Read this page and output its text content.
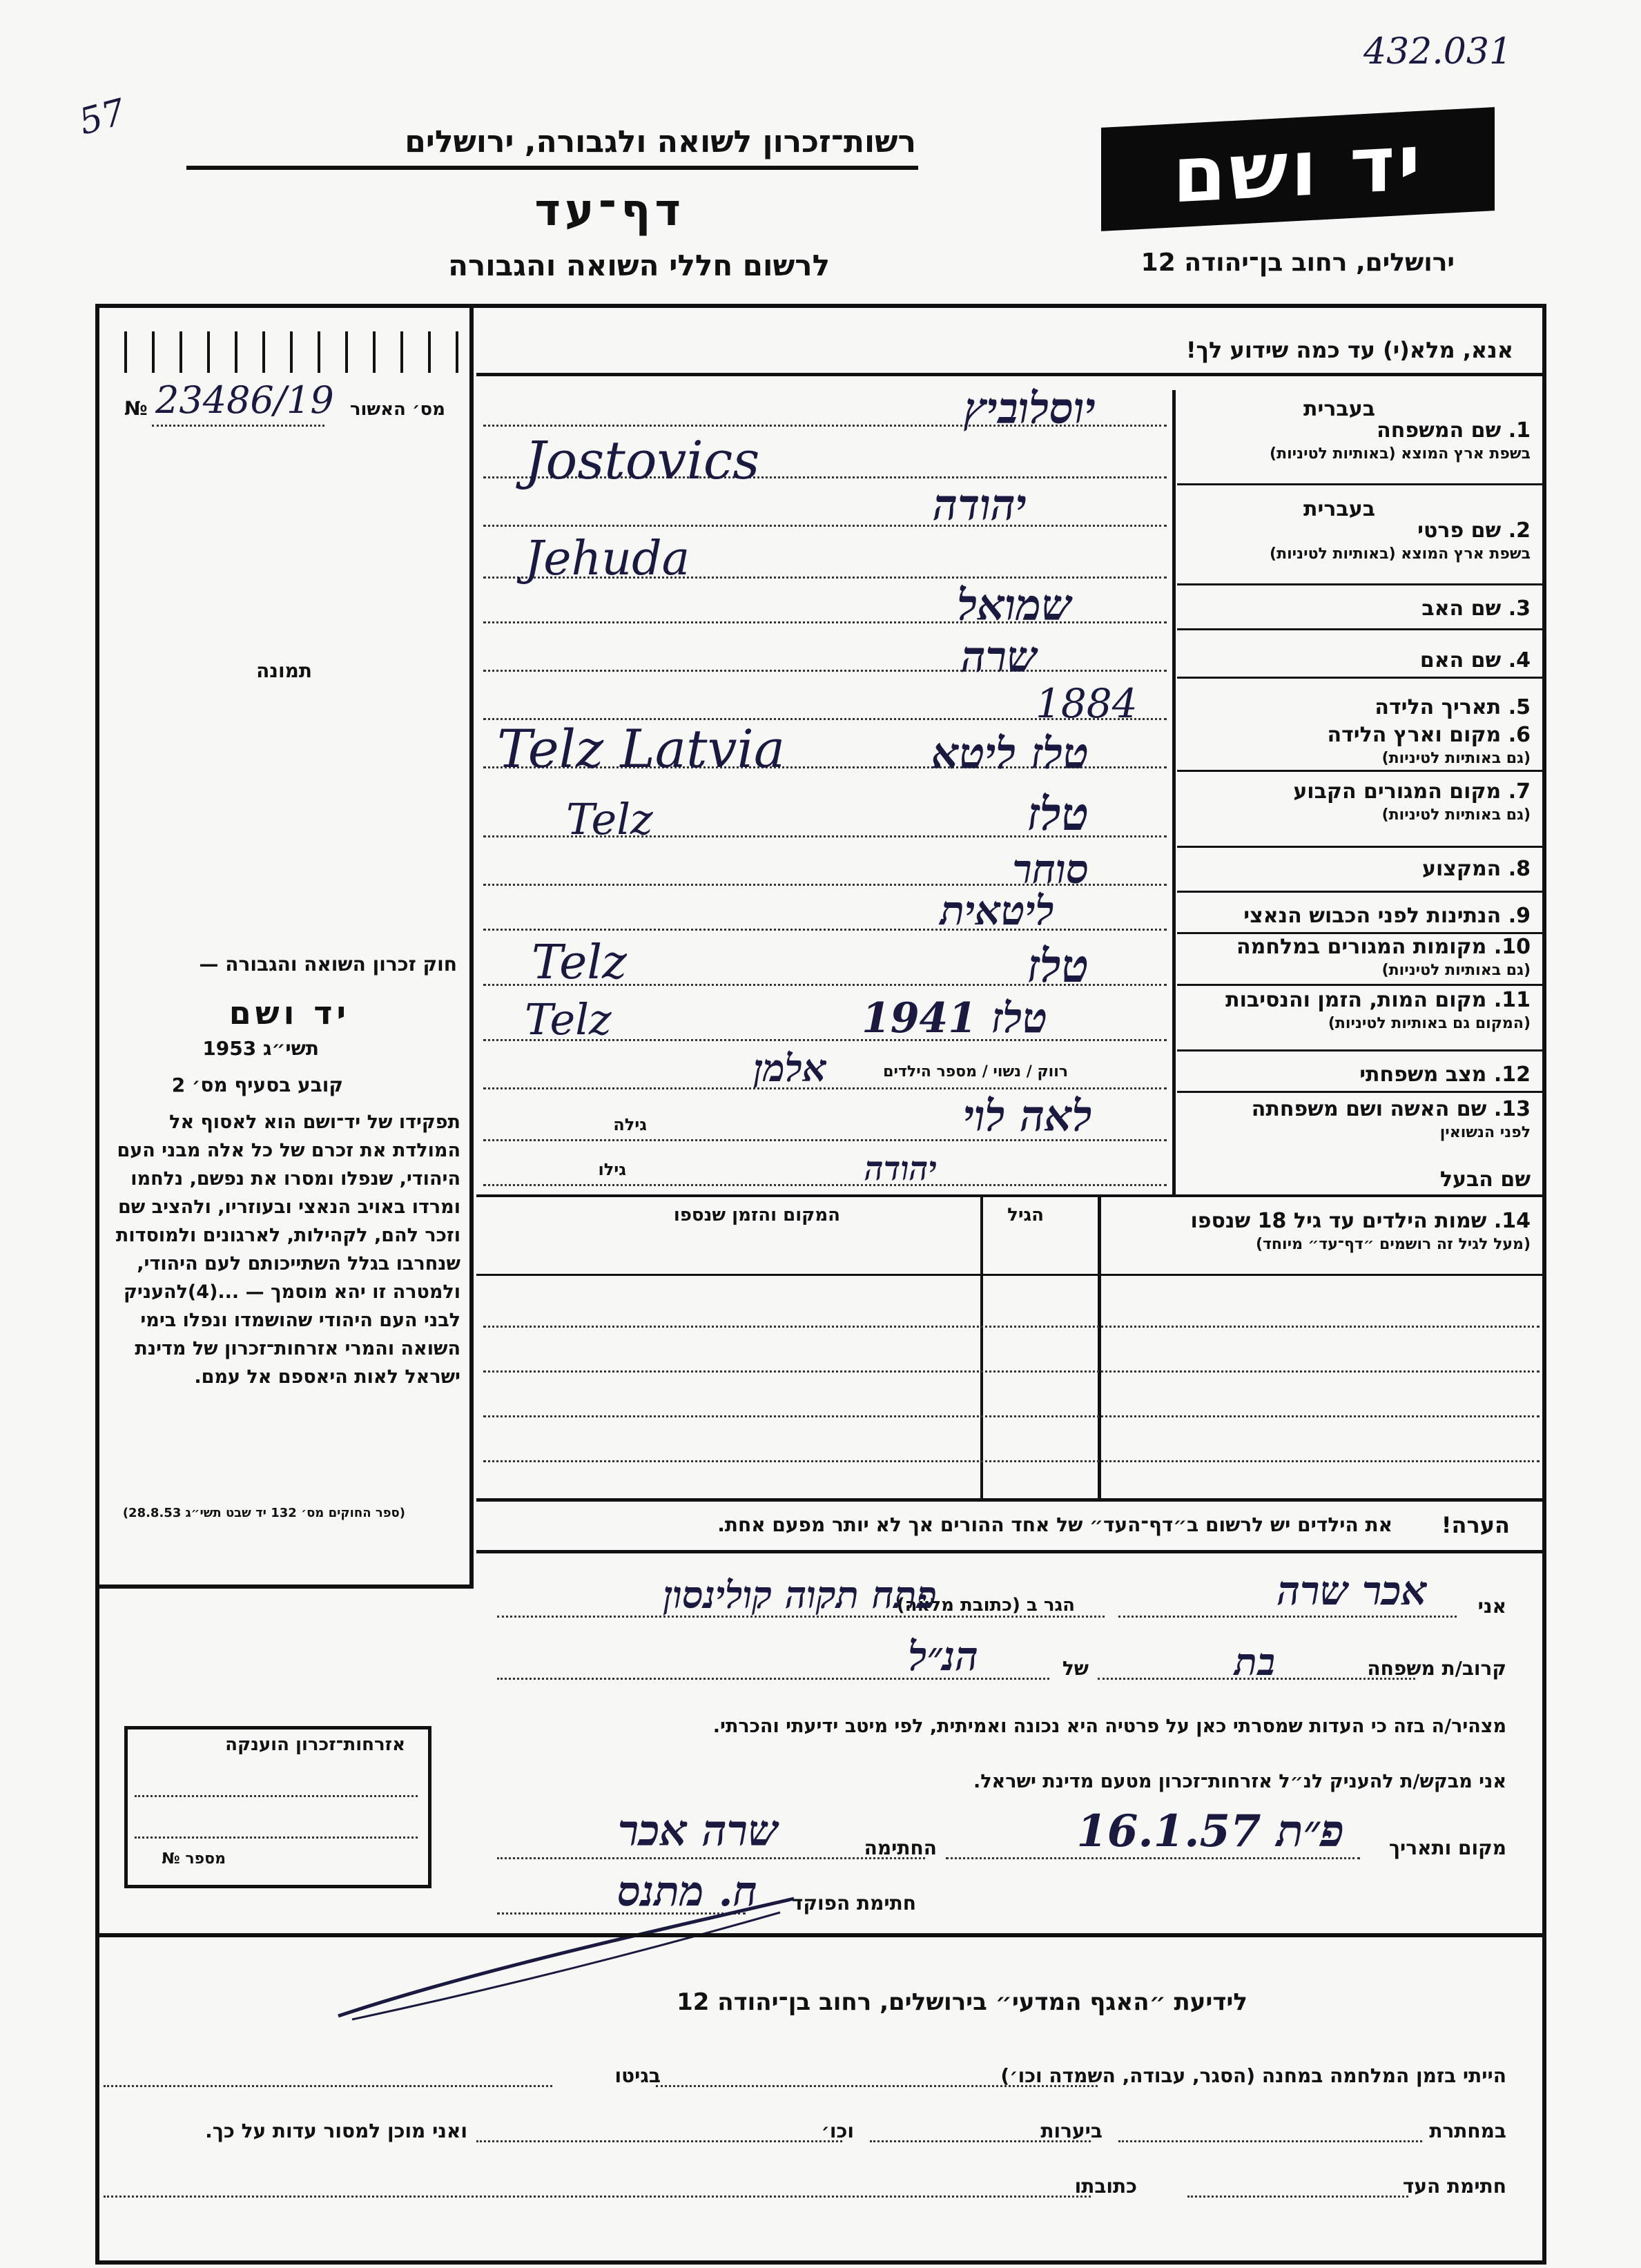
432.031
57	רשות־זכרון לשואה ולגבורה, ירושלים
דף־עד
לרשום חללי השואה והגבורה
יד ושם
ירושלים, רחוב בן־יהודה 12
מס׳ האשור
№ 23486/19
תמונה
אנא, מלא(י) עד כמה שידוע לך!
1. שם המשפחה
בשפת ארץ המוצא (באותיות לטיניות)
בעברית
2. שם פרטי
בשפת ארץ המוצא (באותיות לטיניות)
בעברית
3. שם האב
4. שם האם
5. תאריך הלידה
6. מקום וארץ הלידה
(גם באותיות לטיניות)
7. מקום המגורים הקבוע
(גם באותיות לטיניות)
8. המקצוע
9. הנתינות לפני הכבוש הנאצי
10. מקומות המגורים במלחמה
(גם באותיות לטיניות)
11. מקום המות, הזמן והנסיבות
(המקום גם באותיות לטיניות)
12. מצב משפחתי
13. שם האשה ושם משפחתה
לפני הנשואין
שם הבעל
יוסלוביץ
Jostovics
יהודה
Jehuda
שמואל
שרה
1884
טלז ליטא
Telz Latvia
טלז
Telz
סוחר
ליטאית
טלז
Telz
טלז 1941
Telz
רווק / נשוי / מספר הילדים
אלמן
לאה לוי
גילה
יהודה
גילו
14. שמות הילדים עד גיל 18 שנספו
(מעל לגיל זה רושמים ״דף־עד״ מיוחד)
הגיל
המקום והזמן שנספו
הערה!
את הילדים יש לרשום ב״דף־העד״ של אחד ההורים אך לא יותר מפעם אחת.
חוק זכרון השואה והגבורה —
יד ושם
תשי״ג 1953
קובע בסעיף מס׳ 2
תפקידו של יד־ושם הוא לאסוף אל המולדת את זכרם של כל אלה מבני העם היהודי, שנפלו ומסרו את נפשם, נלחמו ומרדו באויב הנאצי ובעוזריו, ולהציב שם וזכר להם, לקהילות, לארגונים ולמוסדות שנחרבו בגלל השתייכותם לעם היהודי, ולמטרה זו יהא מוסמך — ...(4)להעניק לבני העם היהודי שהושמדו ונפלו בימי השואה והמרי אזרחות־זכרון של מדינת ישראל לאות היאספם אל עמם.
(ספר החוקים מס׳ 132 יד שבט תשי״ג 28.8.53)
אני
אכר שרה
הגר ב (כתובת מלאה)
פתח תקוה קולינסון
קרוב/ת משפחה
בת
של
הנ״ל
מצהיר/ה בזה כי העדות שמסרתי כאן על פרטיה היא נכונה ואמיתית, לפי מיטב ידיעתי והכרתי.
אני מבקש/ת להעניק לנ״ל אזרחות־זכרון מטעם מדינת ישראל.
מקום ותאריך
פ״ת 16.1.57
החתימה
שרה אכר
חתימת הפוקד
ח. מתנס
אזרחות־זכרון הוענקה
מספר №
לידיעת ״האגף המדעי״ בירושלים, רחוב בן־יהודה 12
הייתי בזמן המלחמה במחנה (הסגר, עבודה, השמדה וכו׳)
בגיטו
במחתרת
ביערות
וכו׳
ואני מוכן למסור עדות על כך.
חתימת העד
כתובתו
